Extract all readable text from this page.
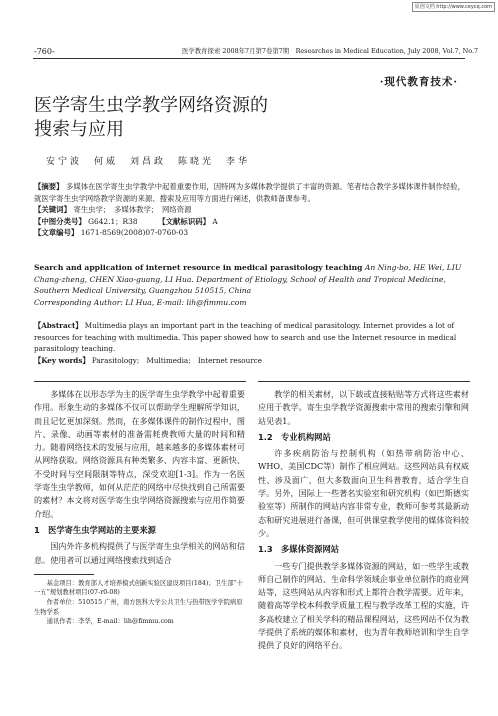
原创文档 http://www.ceycq.com
-760-	医学教育探索 2008年7月第7卷第7期　Researches in Medical Education, July 2008, Vol.7, No.7
·现代教育技术·
医学寄生虫学教学网络资源的
搜索与应用
安宁波　何威　刘昌政　陈晓光　李华
【摘要】 多媒体在医学寄生虫学教学中起着重要作用，因特网为多媒体教学提供了丰富的资源。笔者结合教学多媒体课件制作经验，就医学寄生虫学网络教学资源的来源、搜索及应用等方面进行阐述，供教师备课参考。
【关键词】 寄生虫学；　多媒体教学；　网络资源
【中图分类号】 G642.1；R38	【文献标识码】 A
【文章编号】 1671-8569(2008)07-0760-03
Search and application of internet resource in medical parasitology teaching An Ning-bo, HE Wei, LIU Chang-zheng, CHEN Xiao-guang, LI Hua. Department of Etiology, School of Health and Tropical Medicine, Southern Medical University, Guangzhou 510515, China
Corresponding Author: LI Hua, E-mail: lih@fimmu.com
【Abstract】 Multimedia plays an important part in the teaching of medical parasitology. Internet provides a lot of resources for teaching with multimedia. This paper showed how to search and use the Internet resource in medical parasitology teaching.
【Key words】 Parasitology;　Multimedia;　Internet resource

多媒体在以形态学为主的医学寄生虫学教学中起着重要作用。形象生动的多媒体不仅可以帮助学生理解所学知识，而且记忆更加深刻。然而，在多媒体课件的制作过程中，图片、录像、动画等素材的准备需耗费教师大量的时间和精力。随着网络技术的发展与应用，越来越多的多媒体素材可从网络获取。网络资源具有种类繁多、内容丰富、更新快、不受时间与空间限制等特点，深受欢迎[1-3]。作为一名医学寄生虫学教师，如何从茫茫的网络中尽快找到自己所需要的素材？本文将对医学寄生虫学网络资源搜索与应用作简要介绍。

1　医学寄生虫学网站的主要来源

国内外许多机构提供了与医学寄生虫学相关的网站和信息。使用者可以通过网络搜索找到适合

基金项目：教育部人才培养模式创新实验区建设项目(184)；卫生部“十一五”规划教材项目(07-r0-08)

作者单位：510515 广州，南方医科大学公共卫生与热带医学学院病原生物学系

通讯作者：李华，E-mail：lih@fimmu.com

教学的相关素材，以下载或直接粘贴等方式将这些素材应用于教学。寄生虫学教学资源搜索中常用的搜索引擎和网站见表1。

1.2　专业机构网站

许多疾病防治与控制机构（如热带病防治中心、WHO、美国CDC等）制作了相应网站。这些网站具有权威性、涉及面广，但大多数面向卫生科普教育，适合学生自学。另外，国际上一些著名实验室和研究机构（如巴斯德实验室等）所制作的网站内容非常专业，教师可参考其最新动态和研究进展进行备课，但可供课堂教学使用的媒体资料较少。

1.3　多媒体资源网站

一些专门提供教学多媒体资源的网站，如一些学生或教师自己制作的网站、生命科学领域企事业单位制作的商业网站等，这些网站从内容和形式上都符合教学需要。近年来，随着高等学校本科教学质量工程与教学改革工程的实施，许多高校建立了相关学科的精品课程网站，这些网站不仅为教学提供了系统的媒体和素材，也为青年教师培训和学生自学提供了良好的网络平台。
